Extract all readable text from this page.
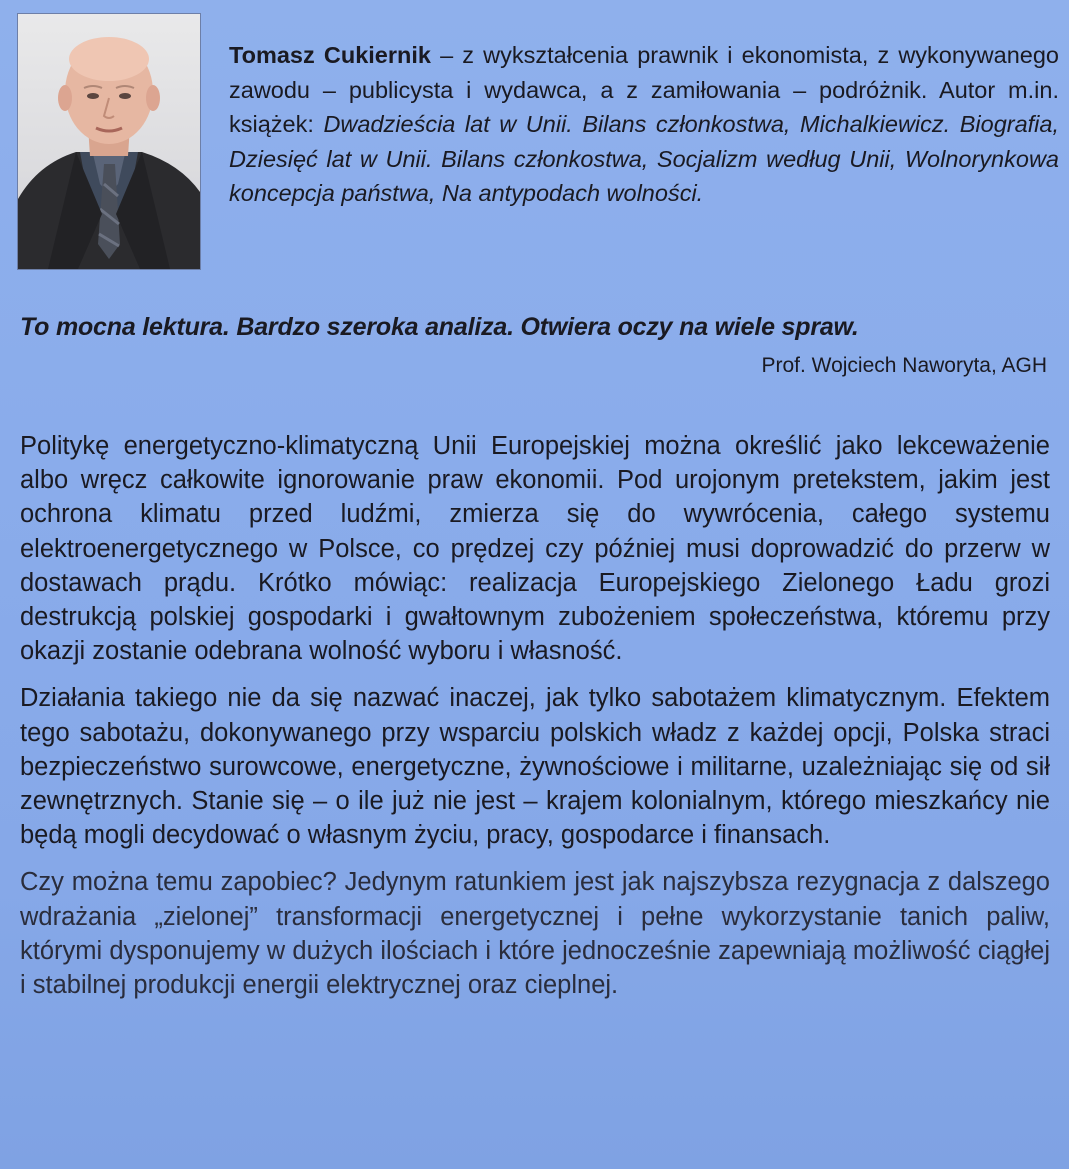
Tomasz Cukiernik – z wykształcenia prawnik i ekonomista, z wykonywanego zawodu – publicysta i wydawca, a z zamiłowania – podróżnik. Autor m.in. książek: Dwadzieścia lat w Unii. Bilans członkostwa, Michalkiewicz. Biografia, Dziesięć lat w Unii. Bilans członkostwa, Socjalizm według Unii, Wolnorynkowa koncepcja państwa, Na antypodach wolności.
To mocna lektura. Bardzo szeroka analiza. Otwiera oczy na wiele spraw.
Prof. Wojciech Naworyta, AGH

Politykę energetyczno-klimatyczną Unii Europejskiej można określić jako lekceważenie albo wręcz całkowite ignorowanie praw ekonomii. Pod urojonym pretekstem, jakim jest ochrona klimatu przed ludźmi, zmierza się do wywrócenia, całego systemu elektroenergetycznego w Polsce, co prędzej czy później musi doprowadzić do przerw w dostawach prądu. Krótko mówiąc: realizacja Europejskiego Zielonego Ładu grozi destrukcją polskiej gospodarki i gwałtownym zubożeniem społeczeństwa, któremu przy okazji zostanie odebrana wolność wyboru i własność.

Działania takiego nie da się nazwać inaczej, jak tylko sabotażem klimatycznym. Efektem tego sabotażu, dokonywanego przy wsparciu polskich władz z każdej opcji, Polska straci bezpieczeństwo surowcowe, energetyczne, żywnościowe i militarne, uzależniając się od sił zewnętrznych. Stanie się – o ile już nie jest – krajem kolonialnym, którego mieszkańcy nie będą mogli decydować o własnym życiu, pracy, gospodarce i finansach.

Czy można temu zapobiec? Jedynym ratunkiem jest jak najszybsza rezygnacja z dalszego wdrażania „zielonej” transformacji energetycznej i pełne wykorzystanie tanich paliw, którymi dysponujemy w dużych ilościach i które jednocześnie zapewniają możliwość ciągłej i stabilnej produkcji energii elektrycznej oraz cieplnej.
